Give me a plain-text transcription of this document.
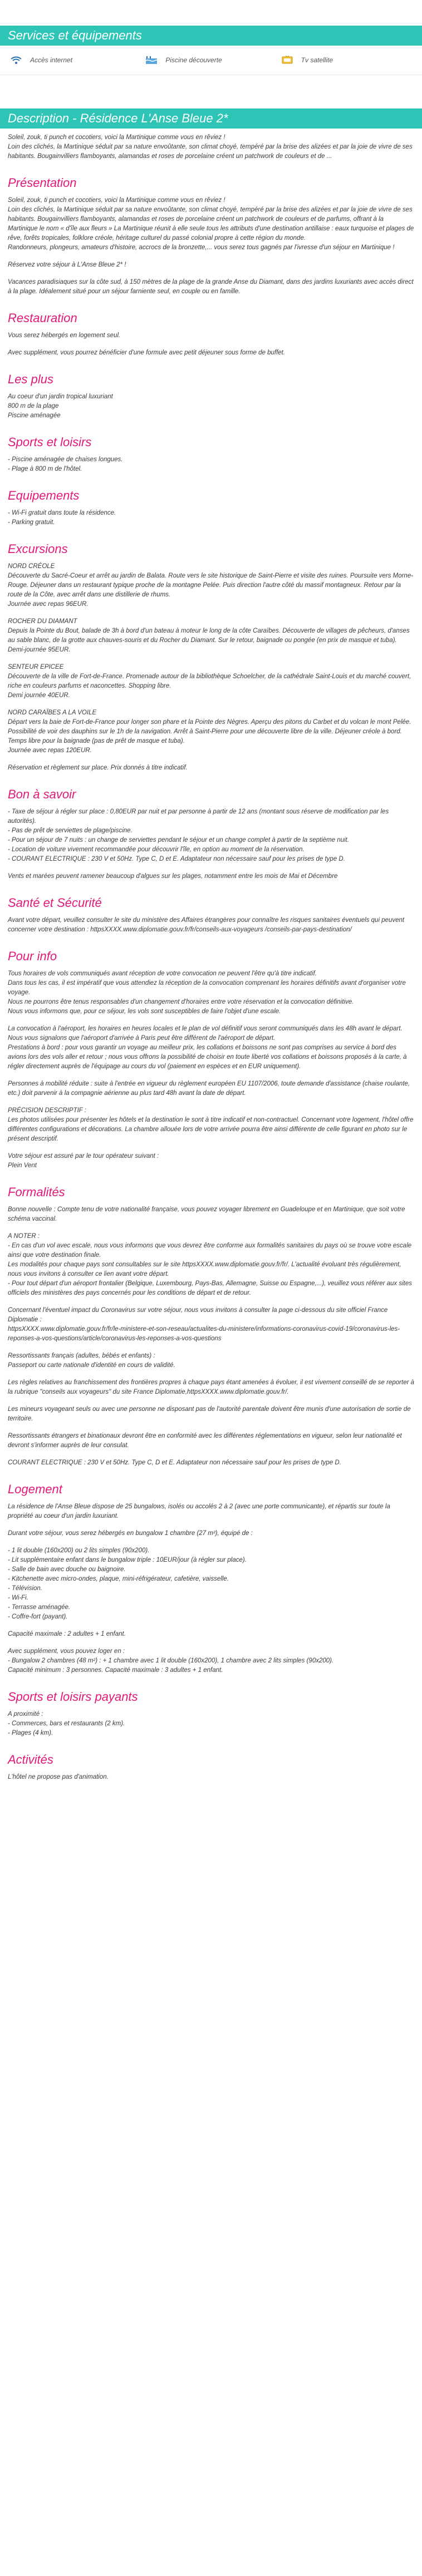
Services et équipements
Accès internet	Piscine découverte	Tv satellite
Description - Résidence L'Anse Bleue 2*

Soleil, zouk, ti punch et cocotiers, voici la Martinique comme vous en rêviez !
Loin des clichés, la Martinique séduit par sa nature envoûtante, son climat choyé, tempéré par la brise des alizées et par la joie de vivre de ses habitants. Bougainvilliers flamboyants, alamandas et roses de porcelaine créent un patchwork de couleurs et de ...

Présentation

Soleil, zouk, ti punch et cocotiers, voici la Martinique comme vous en rêviez !
Loin des clichés, la Martinique séduit par sa nature envoûtante, son climat choyé, tempéré par la brise des alizées et par la joie de vivre de ses habitants. Bougainvilliers flamboyants, alamandas et roses de porcelaine créent un patchwork de couleurs et de parfums, offrant à la Martinique le nom « d'île aux fleurs » La Martinique réunit à elle seule tous les attributs d'une destination antillaise : eaux turquoise et plages de rêve, forêts tropicales, folklore créole, héritage culturel du passé colonial propre à cette région du monde.
Randonneurs, plongeurs, amateurs d'histoire, accrocs de la bronzette,... vous serez tous gagnés par l'ivresse d'un séjour en Martinique !

Réservez votre séjour à L'Anse Bleue 2* !

Vacances paradisiaques sur la côte sud, à 150 mètres de la plage de la grande Anse du Diamant, dans des jardins luxuriants avec accès direct à la plage. Idéalement situé pour un séjour farniente seul, en couple ou en famille.

Restauration

Vous serez hébergés en logement seul.

Avec supplément, vous pourrez bénéficier d'une formule avec petit déjeuner sous forme de buffet.

Les plus

Au coeur d'un jardin tropical luxuriant
800 m de la plage
Piscine aménagée

Sports et loisirs

- Piscine aménagée de chaises longues.
- Plage à 800 m de l'hôtel.

Equipements

- Wi-Fi gratuit dans toute la résidence.
- Parking gratuit.

Excursions

NORD CRÉOLE
Découverte du Sacré-Coeur et arrêt au jardin de Balata. Route vers le site historique de Saint-Pierre et visite des ruines. Poursuite vers Morne-Rouge. Déjeuner dans un restaurant typique proche de la montagne Pelée. Puis direction l'autre côté du massif montagneux. Retour par la route de la Côte, avec arrêt dans une distillerie de rhums.
Journée avec repas 96EUR.

ROCHER DU DIAMANT
Depuis la Pointe du Bout, balade de 3h à bord d'un bateau à moteur le long de la côte Caraïbes. Découverte de villages de pêcheurs, d'anses au sable blanc, de la grotte aux chauves-souris et du Rocher du Diamant. Sur le retour, baignade ou pongée (en prix de masque et tuba).
Demi-journée 95EUR.

SENTEUR EPICEE
Découverte de la ville de Fort-de-France. Promenade autour de la bibliothèque Schoelcher, de la cathédrale Saint-Louis et du marché couvert, riche en couleurs parfums et naconcettes. Shopping libre.
Demi journée 40EUR.

NORD CARAÏBES A LA VOILE
Départ vers la baie de Fort-de-France pour longer son phare et la Pointe des Nègres. Aperçu des pitons du Carbet et du volcan le mont Pelée. Possibilité de voir des dauphins sur le 1h de la navigation. Arrêt à Saint-Pierre pour une découverte libre de la ville. Déjeuner créole à bord. Temps libre pour la baignade (pas de prêt de masque et tuba).
Journée avec repas 120EUR.

Réservation et règlement sur place. Prix donnés à titre indicatif.

Bon à savoir

- Taxe de séjour à régler sur place : 0,80EUR par nuit et par personne à partir de 12 ans (montant sous réserve de modification par les autorités).
- Pas de prêt de serviettes de plage/piscine.
- Pour un séjour de 7 nuits : un change de serviettes pendant le séjour et un change complet à partir de la septième nuit.
- Location de voiture vivement recommandée pour découvrir l'île, en option au moment de la réservation.
- COURANT ELECTRIQUE : 230 V et 50Hz. Type C, D et E. Adaptateur non nécessaire sauf pour les prises de type D.

Vents et marées peuvent ramener beaucoup d'algues sur les plages, notamment entre les mois de Mai et Décembre

Santé et Sécurité

Avant votre départ, veuillez consulter le site du ministère des Affaires étrangères pour connaître les risques sanitaires éventuels qui peuvent concerner votre destination : httpsXXXX.www.diplomatie.gouv.fr/fr/conseils-aux-voyageurs /conseils-par-pays-destination/

Pour info

Tous horaires de vols communiqués avant réception de votre convocation ne peuvent l'être qu'à titre indicatif.
Dans tous les cas, il est impératif que vous attendiez la réception de la convocation comprenant les horaires définitifs avant d'organiser votre voyage.
Nous ne pourrons être tenus responsables d'un changement d'horaires entre votre réservation et la convocation définitive.
Nous vous informons que, pour ce séjour, les vols sont susceptibles de faire l'objet d'une escale.

La convocation à l'aéroport, les horaires en heures locales et le plan de vol définitif vous seront communiqués dans les 48h avant le départ.
Nous vous signalons que l'aéroport d'arrivée à Paris peut être différent de l'aéroport de départ.
Prestations à bord : pour vous garantir un voyage au meilleur prix, les collations et boissons ne sont pas comprises au service à bord des avions lors des vols aller et retour ; nous vous offrons la possibilité de choisir en toute liberté vos collations et boissons proposés à la carte, à régler directement auprès de l'équipage au cours du vol (paiement en espèces et en EUR uniquement).

Personnes à mobilité réduite : suite à l'entrée en vigueur du règlement européen EU 1107/2006, toute demande d'assistance (chaise roulante, etc.) doit parvenir à la compagnie aérienne au plus tard 48h avant la date de départ.

PRÉCISION DESCRIPTIF :
Les photos utilisées pour présenter les hôtels et la destination le sont à titre indicatif et non-contractuel. Concernant votre logement, l'hôtel offre différentes configurations et décorations. La chambre allouée lors de votre arrivée pourra être ainsi différente de celle figurant en photo sur le présent descriptif.

Votre séjour est assuré par le tour opérateur suivant :
Plein Vent

Formalités

Bonne nouvelle : Compte tenu de votre nationalité française, vous pouvez voyager librement en Guadeloupe et en Martinique, que soit votre schéma vaccinal.

A NOTER :
- En cas d'un vol avec escale, nous vous informons que vous devrez être conforme aux formalités sanitaires du pays où se trouve votre escale ainsi que votre destination finale.
Les modalités pour chaque pays sont consultables sur le site httpsXXXX.www.diplomatie.gouv.fr/fr/. L'actualité évoluant très régulièrement, nous vous invitons à consulter ce lien avant votre départ.
- Pour tout départ d'un aéroport frontalier (Belgique, Luxembourg, Pays-Bas, Allemagne, Suisse ou Espagne,...), veuillez vous référer aux sites officiels des ministères des pays concernés pour les conditions de départ et de retour.

Concernant l'éventuel impact du Coronavirus sur votre séjour, nous vous invitons à consulter la page ci-dessous du site officiel France Diplomatie :
httpsXXXX.www.diplomatie.gouv.fr/fr/le-ministere-et-son-reseau/actualites-du-ministere/informations-coronavirus-covid-19/coronavirus-les-reponses-a-vos-questions/article/coronavirus-les-reponses-a-vos-questions

Ressortissants français (adultes, bébés et enfants) :
Passeport ou carte nationale d'identité en cours de validité.

Les règles relatives au franchissement des frontières propres à chaque pays étant amenées à évoluer, il est vivement conseillé de se reporter à la rubrique "conseils aux voyageurs" du site France Diplomatie,httpsXXXX.www.diplomatie.gouv.fr/.

Les mineurs voyageant seuls ou avec une personne ne disposant pas de l'autorité parentale doivent être munis d'une autorisation de sortie de territoire.

Ressortissants étrangers et binationaux devront être en conformité avec les différentes réglementations en vigueur, selon leur nationalité et devront s'informer auprès de leur consulat.

COURANT ELECTRIQUE : 230 V et 50Hz. Type C, D et E. Adaptateur non nécessaire sauf pour les prises de type D.

Logement

La résidence de l'Anse Bleue dispose de 25 bungalows, isolés ou accolés 2 à 2 (avec une porte communicante), et répartis sur toute la propriété au coeur d'un jardin luxuriant.

Durant votre séjour, vous serez hébergés en bungalow 1 chambre (27 m²), équipé de :

- 1 lit double (160x200) ou 2 lits simples (90x200).
- Lit supplémentaire enfant dans le bungalow triple : 10EUR/jour (à régler sur place).
- Salle de bain avec douche ou baignoire.
- Kitchenette avec micro-ondes, plaque, mini-réfrigérateur, cafetière, vaisselle.
- Télévision.
- Wi-Fi.
- Terrasse aménagée.
- Coffre-fort (payant).

Capacité maximale : 2 adultes + 1 enfant.

Avec supplément, vous pouvez loger en :
- Bungalow 2 chambres (48 m²) : + 1 chambre avec 1 lit double (160x200), 1 chambre avec 2 lits simples (90x200).
Capacité minimum : 3 personnes. Capacité maximale : 3 adultes + 1 enfant.

Sports et loisirs payants

A proximité :
- Commerces, bars et restaurants (2 km).
- Plages (4 km).

Activités

L'hôtel ne propose pas d'animation.
